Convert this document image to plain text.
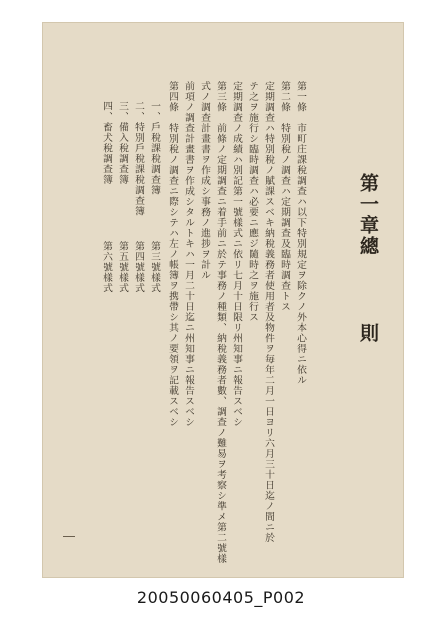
第一章總
則
第一條　市町庄課稅調查ハ以下特別規定ヲ除クノ外本心得ニ依ル
第二條　特別稅ノ調查ハ定期調查及臨時調查トス
定期調查ハ特別稅ノ賦課スベキ納稅義務者使用者及物件ヲ毎年二月一日ヨリ六月三十日迄ノ間ニ於
テ之ヲ施行シ臨時調查ハ必要ニ應ジ隨時之ヲ施行ス
定期調查ノ成績ハ別記第一號樣式ニ依リ七月十日限リ州知事ニ報告スベシ
第三條　前條ノ定期調查ニ着手前ニ於テ事務ノ種類、納稅義務者數、調查ノ難易ヲ考察シ準メ第二號樣
式ノ調查計畫書ヲ作成シ事務ノ進捗ヲ計ル
前項ノ調查計畫書ヲ作成シタルトキハ一月二十日迄ニ州知事ニ報告スベシ
第四條　特別稅ノ調查ニ際シテハ左ノ帳簿ヲ携帶シ其ノ要領ヲ記載スベシ
一、戶稅課稅調查簿
第三號樣式
二、特別戶稅課稅調查簿
第四號樣式
三、備入稅調查簿
第五號樣式
四、畜犬稅調查簿
第六號樣式
20050060405_P002
